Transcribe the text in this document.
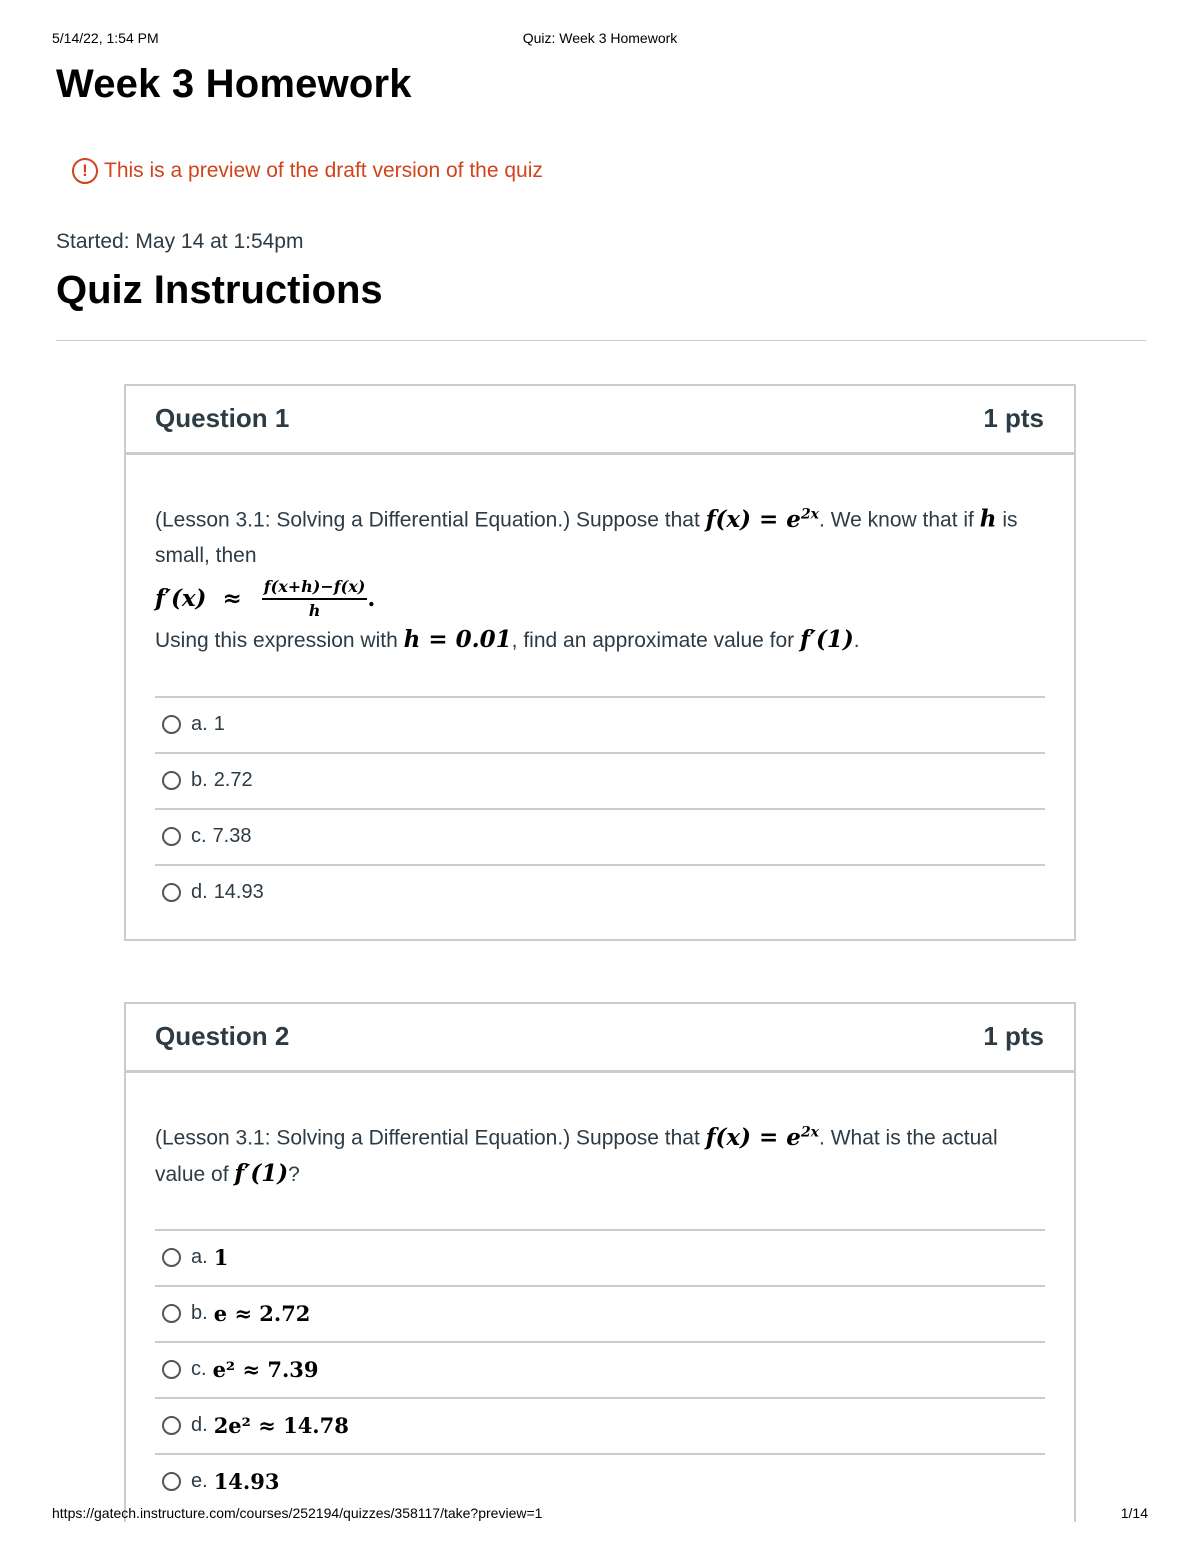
5/14/22, 1:54 PM	Quiz: Week 3 Homework
Week 3 Homework
! This is a preview of the draft version of the quiz
Started: May 14 at 1:54pm
Quiz Instructions
Question 1	1 pts
(Lesson 3.1: Solving a Differential Equation.) Suppose that $f(x) = e^{2x}$. We know that if h is small, then
$f'(x) \approx \frac{f(x+h)-f(x)}{h}$ .
Using this expression with h = 0.01, find an approximate value for f′(1).
a. 1
b. 2.72
c. 7.38
d. 14.93
Question 2	1 pts
(Lesson 3.1: Solving a Differential Equation.) Suppose that $f(x) = e^{2x}$. What is the actual value of f′(1)?
a. 1
b. e ≈ 2.72
c. e² ≈ 7.39
d. 2e² ≈ 14.78
e. 14.93
https://gatech.instructure.com/courses/252194/quizzes/358117/take?preview=1	1/14
